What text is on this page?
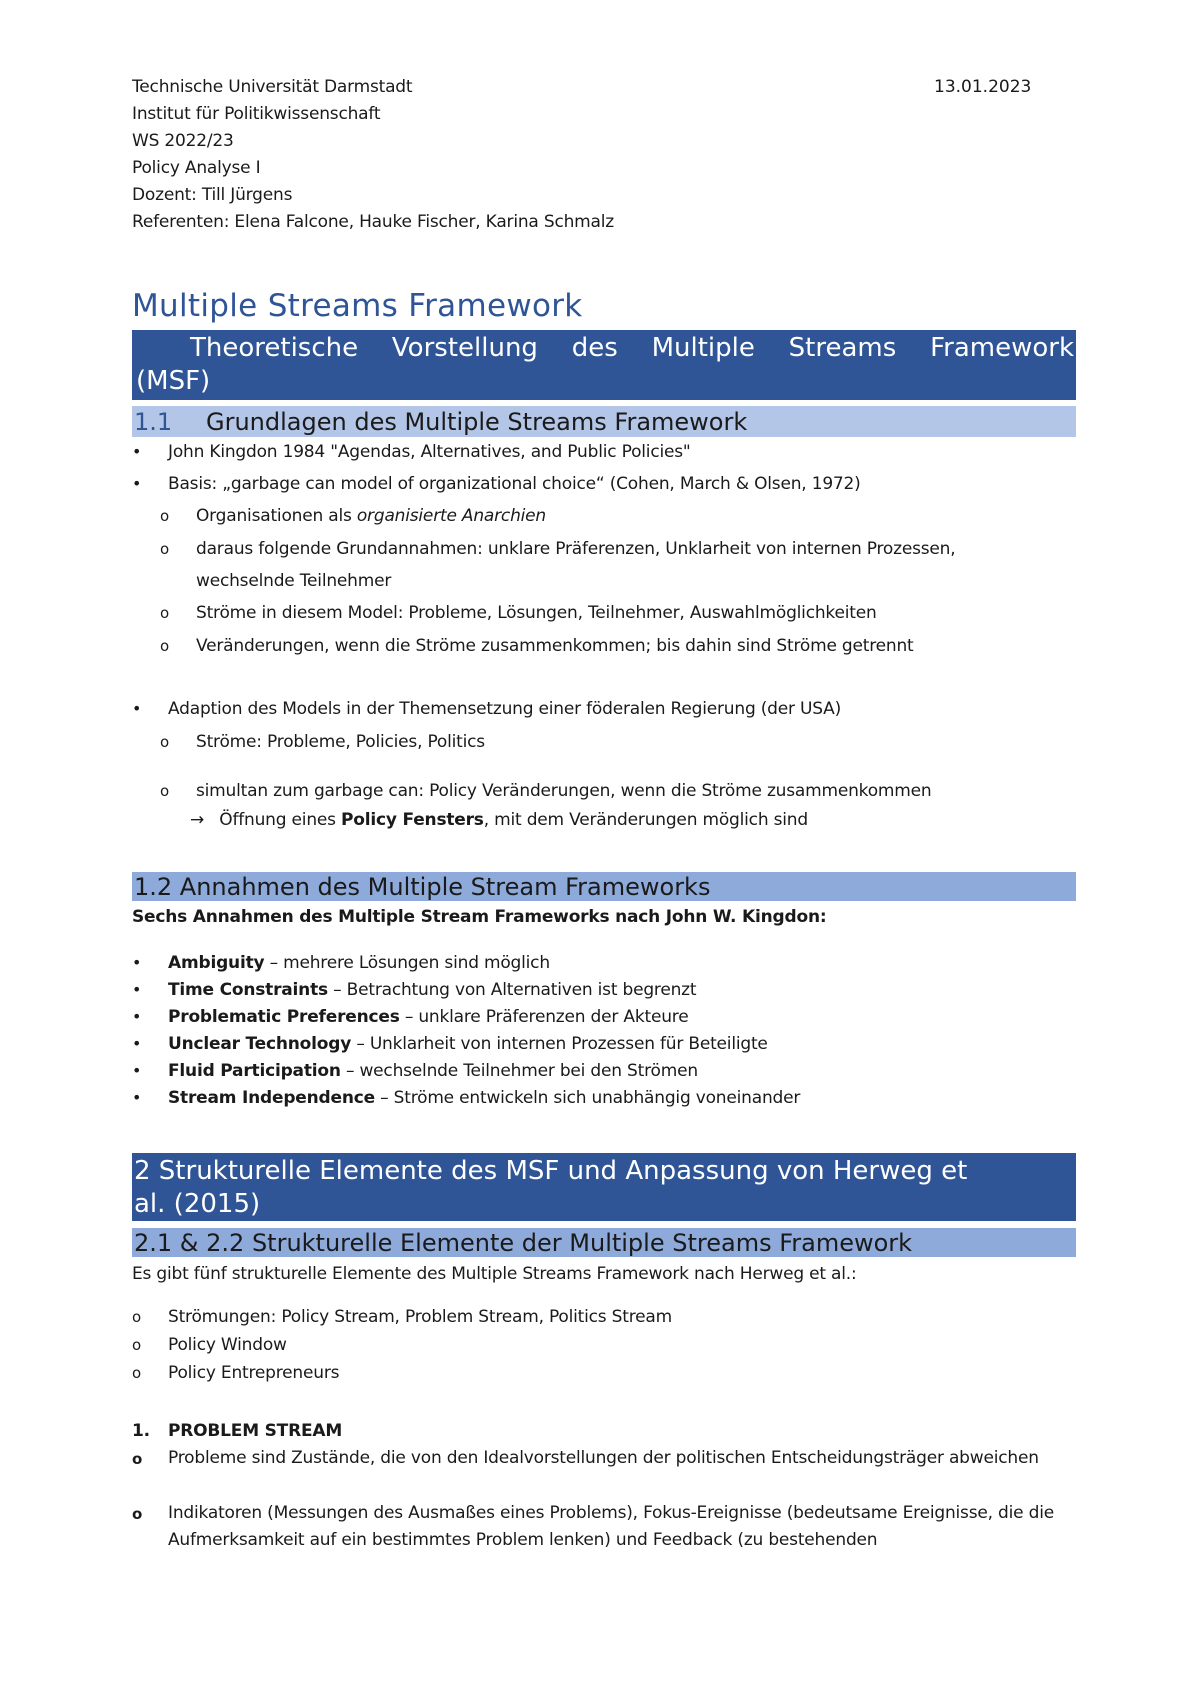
Technische Universität Darmstadt	13.01.2023
Institut für Politikwissenschaft
WS 2022/23
Policy Analyse I
Dozent: Till Jürgens
Referenten: Elena Falcone, Hauke Fischer, Karina Schmalz
Multiple Streams Framework
Theoretische Vorstellung des Multiple Streams Framework
(MSF)
1.1 Grundlagen des Multiple Streams Framework
• John Kingdon 1984 "Agendas, Alternatives, and Public Policies"
• Basis: „garbage can model of organizational choice“ (Cohen, March & Olsen, 1972)
o Organisationen als organisierte Anarchien
o daraus folgende Grundannahmen: unklare Präferenzen, Unklarheit von internen Prozessen,
wechselnde Teilnehmer
o Ströme in diesem Model: Probleme, Lösungen, Teilnehmer, Auswahlmöglichkeiten
o Veränderungen, wenn die Ströme zusammenkommen; bis dahin sind Ströme getrennt
• Adaption des Models in der Themensetzung einer föderalen Regierung (der USA)
o Ströme: Probleme, Policies, Politics
o simultan zum garbage can: Policy Veränderungen, wenn die Ströme zusammenkommen
→ Öffnung eines Policy Fensters, mit dem Veränderungen möglich sind
1.2 Annahmen des Multiple Stream Frameworks
Sechs Annahmen des Multiple Stream Frameworks nach John W. Kingdon:
• Ambiguity – mehrere Lösungen sind möglich
• Time Constraints – Betrachtung von Alternativen ist begrenzt
• Problematic Preferences – unklare Präferenzen der Akteure
• Unclear Technology – Unklarheit von internen Prozessen für Beteiligte
• Fluid Participation – wechselnde Teilnehmer bei den Strömen
• Stream Independence – Ströme entwickeln sich unabhängig voneinander
2 Strukturelle Elemente des MSF und Anpassung von Herweg et
al. (2015)
2.1 & 2.2 Strukturelle Elemente der Multiple Streams Framework
Es gibt fünf strukturelle Elemente des Multiple Streams Framework nach Herweg et al.:
o Strömungen: Policy Stream, Problem Stream, Politics Stream
o Policy Window
o Policy Entrepreneurs
1. PROBLEM STREAM
o Probleme sind Zustände, die von den Idealvorstellungen der politischen Entscheidungsträger abweichen
o Indikatoren (Messungen des Ausmaßes eines Problems), Fokus-Ereignisse (bedeutsame Ereignisse, die die Aufmerksamkeit auf ein bestimmtes Problem lenken) und Feedback (zu bestehenden
